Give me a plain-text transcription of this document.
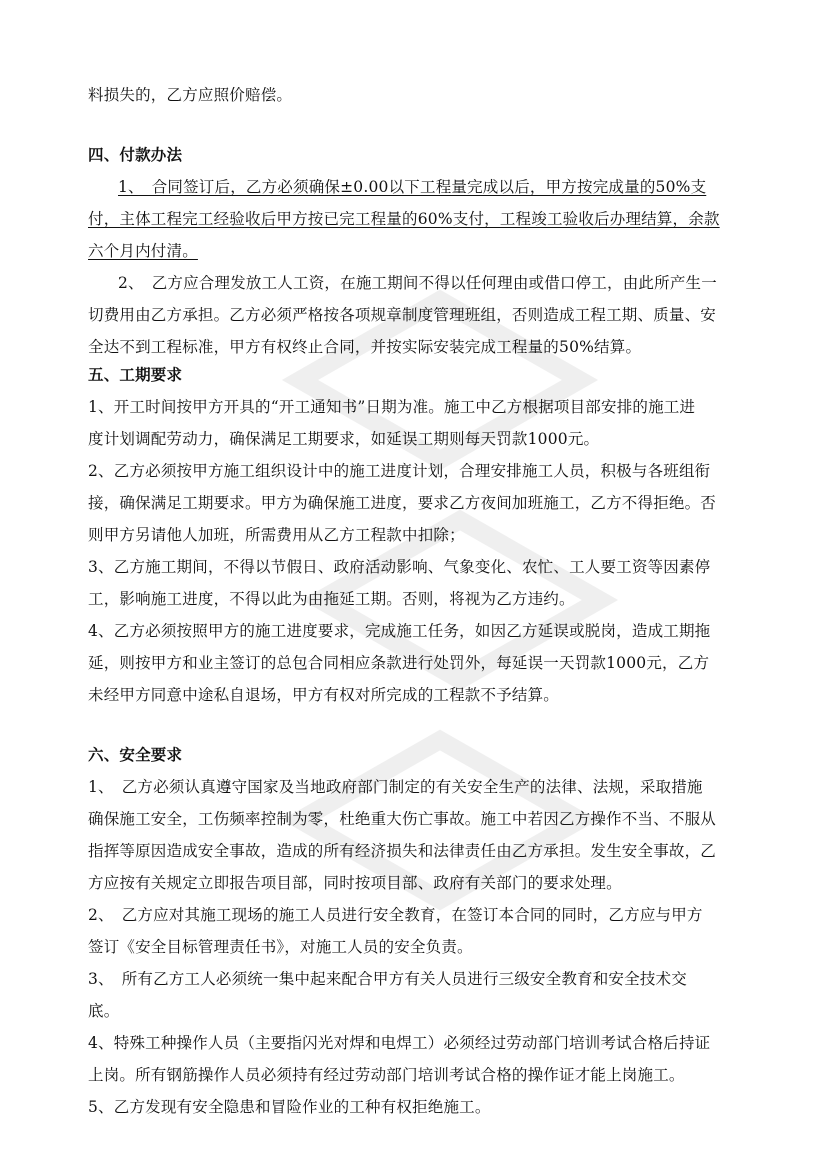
料损失的，乙方应照价赔偿。
四、付款办法
1、　合同签订后，乙方必须确保±0.00以下工程量完成以后，甲方按完成量的50%支
付，主体工程完工经验收后甲方按已完工程量的60%支付，工程竣工验收后办理结算，余款
六个月内付清。
2、　乙方应合理发放工人工资，在施工期间不得以任何理由或借口停工，由此所产生一
切费用由乙方承担。乙方必须严格按各项规章制度管理班组，否则造成工程工期、质量、安
全达不到工程标准，甲方有权终止合同，并按实际安装完成工程量的50%结算。
五、工期要求
1、开工时间按甲方开具的“开工通知书”日期为准。施工中乙方根据项目部安排的施工进
度计划调配劳动力，确保满足工期要求，如延误工期则每天罚款1000元。
2、乙方必须按甲方施工组织设计中的施工进度计划，合理安排施工人员，积极与各班组衔
接，确保满足工期要求。甲方为确保施工进度，要求乙方夜间加班施工，乙方不得拒绝。否
则甲方另请他人加班，所需费用从乙方工程款中扣除；
3、乙方施工期间，不得以节假日、政府活动影响、气象变化、农忙、工人要工资等因素停
工，影响施工进度，不得以此为由拖延工期。否则，将视为乙方违约。
4、乙方必须按照甲方的施工进度要求，完成施工任务，如因乙方延误或脱岗，造成工期拖
延，则按甲方和业主签订的总包合同相应条款进行处罚外，每延误一天罚款1000元，乙方
未经甲方同意中途私自退场，甲方有权对所完成的工程款不予结算。
六、安全要求
1、　乙方必须认真遵守国家及当地政府部门制定的有关安全生产的法律、法规，采取措施
确保施工安全，工伤频率控制为零，杜绝重大伤亡事故。施工中若因乙方操作不当、不服从
指挥等原因造成安全事故，造成的所有经济损失和法律责任由乙方承担。发生安全事故，乙
方应按有关规定立即报告项目部，同时按项目部、政府有关部门的要求处理。
2、　乙方应对其施工现场的施工人员进行安全教育，在签订本合同的同时，乙方应与甲方
签订《安全目标管理责任书》，对施工人员的安全负责。
3、　所有乙方工人必须统一集中起来配合甲方有关人员进行三级安全教育和安全技术交
底。
4、特殊工种操作人员（主要指闪光对焊和电焊工）必须经过劳动部门培训考试合格后持证
上岗。所有钢筋操作人员必须持有经过劳动部门培训考试合格的操作证才能上岗施工。
5、乙方发现有安全隐患和冒险作业的工种有权拒绝施工。
